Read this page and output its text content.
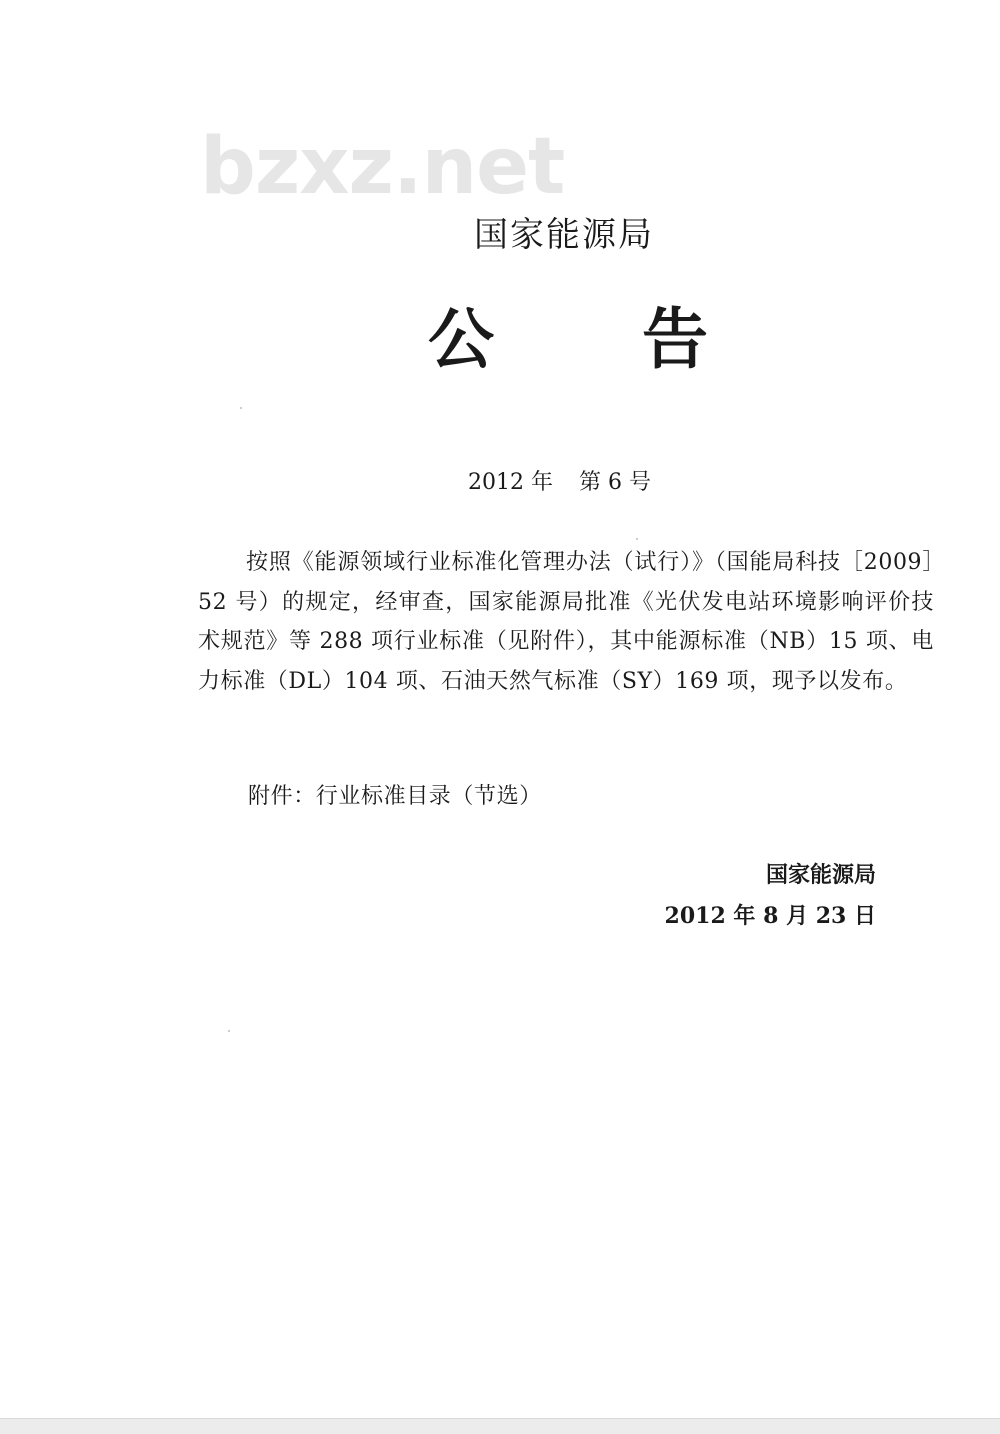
bzxz.net
国家能源局
公 告
2012 年 第 6 号
按照《能源领域行业标准化管理办法（试行）》（国能局科技［2009］52 号）的规定，经审查，国家能源局批准《光伏发电站环境影响评价技术规范》等 288 项行业标准（见附件），其中能源标准（NB）15 项、电力标准（DL）104 项、石油天然气标准（SY）169 项，现予以发布。
附件：行业标准目录（节选）
国家能源局
2012 年 8 月 23 日
